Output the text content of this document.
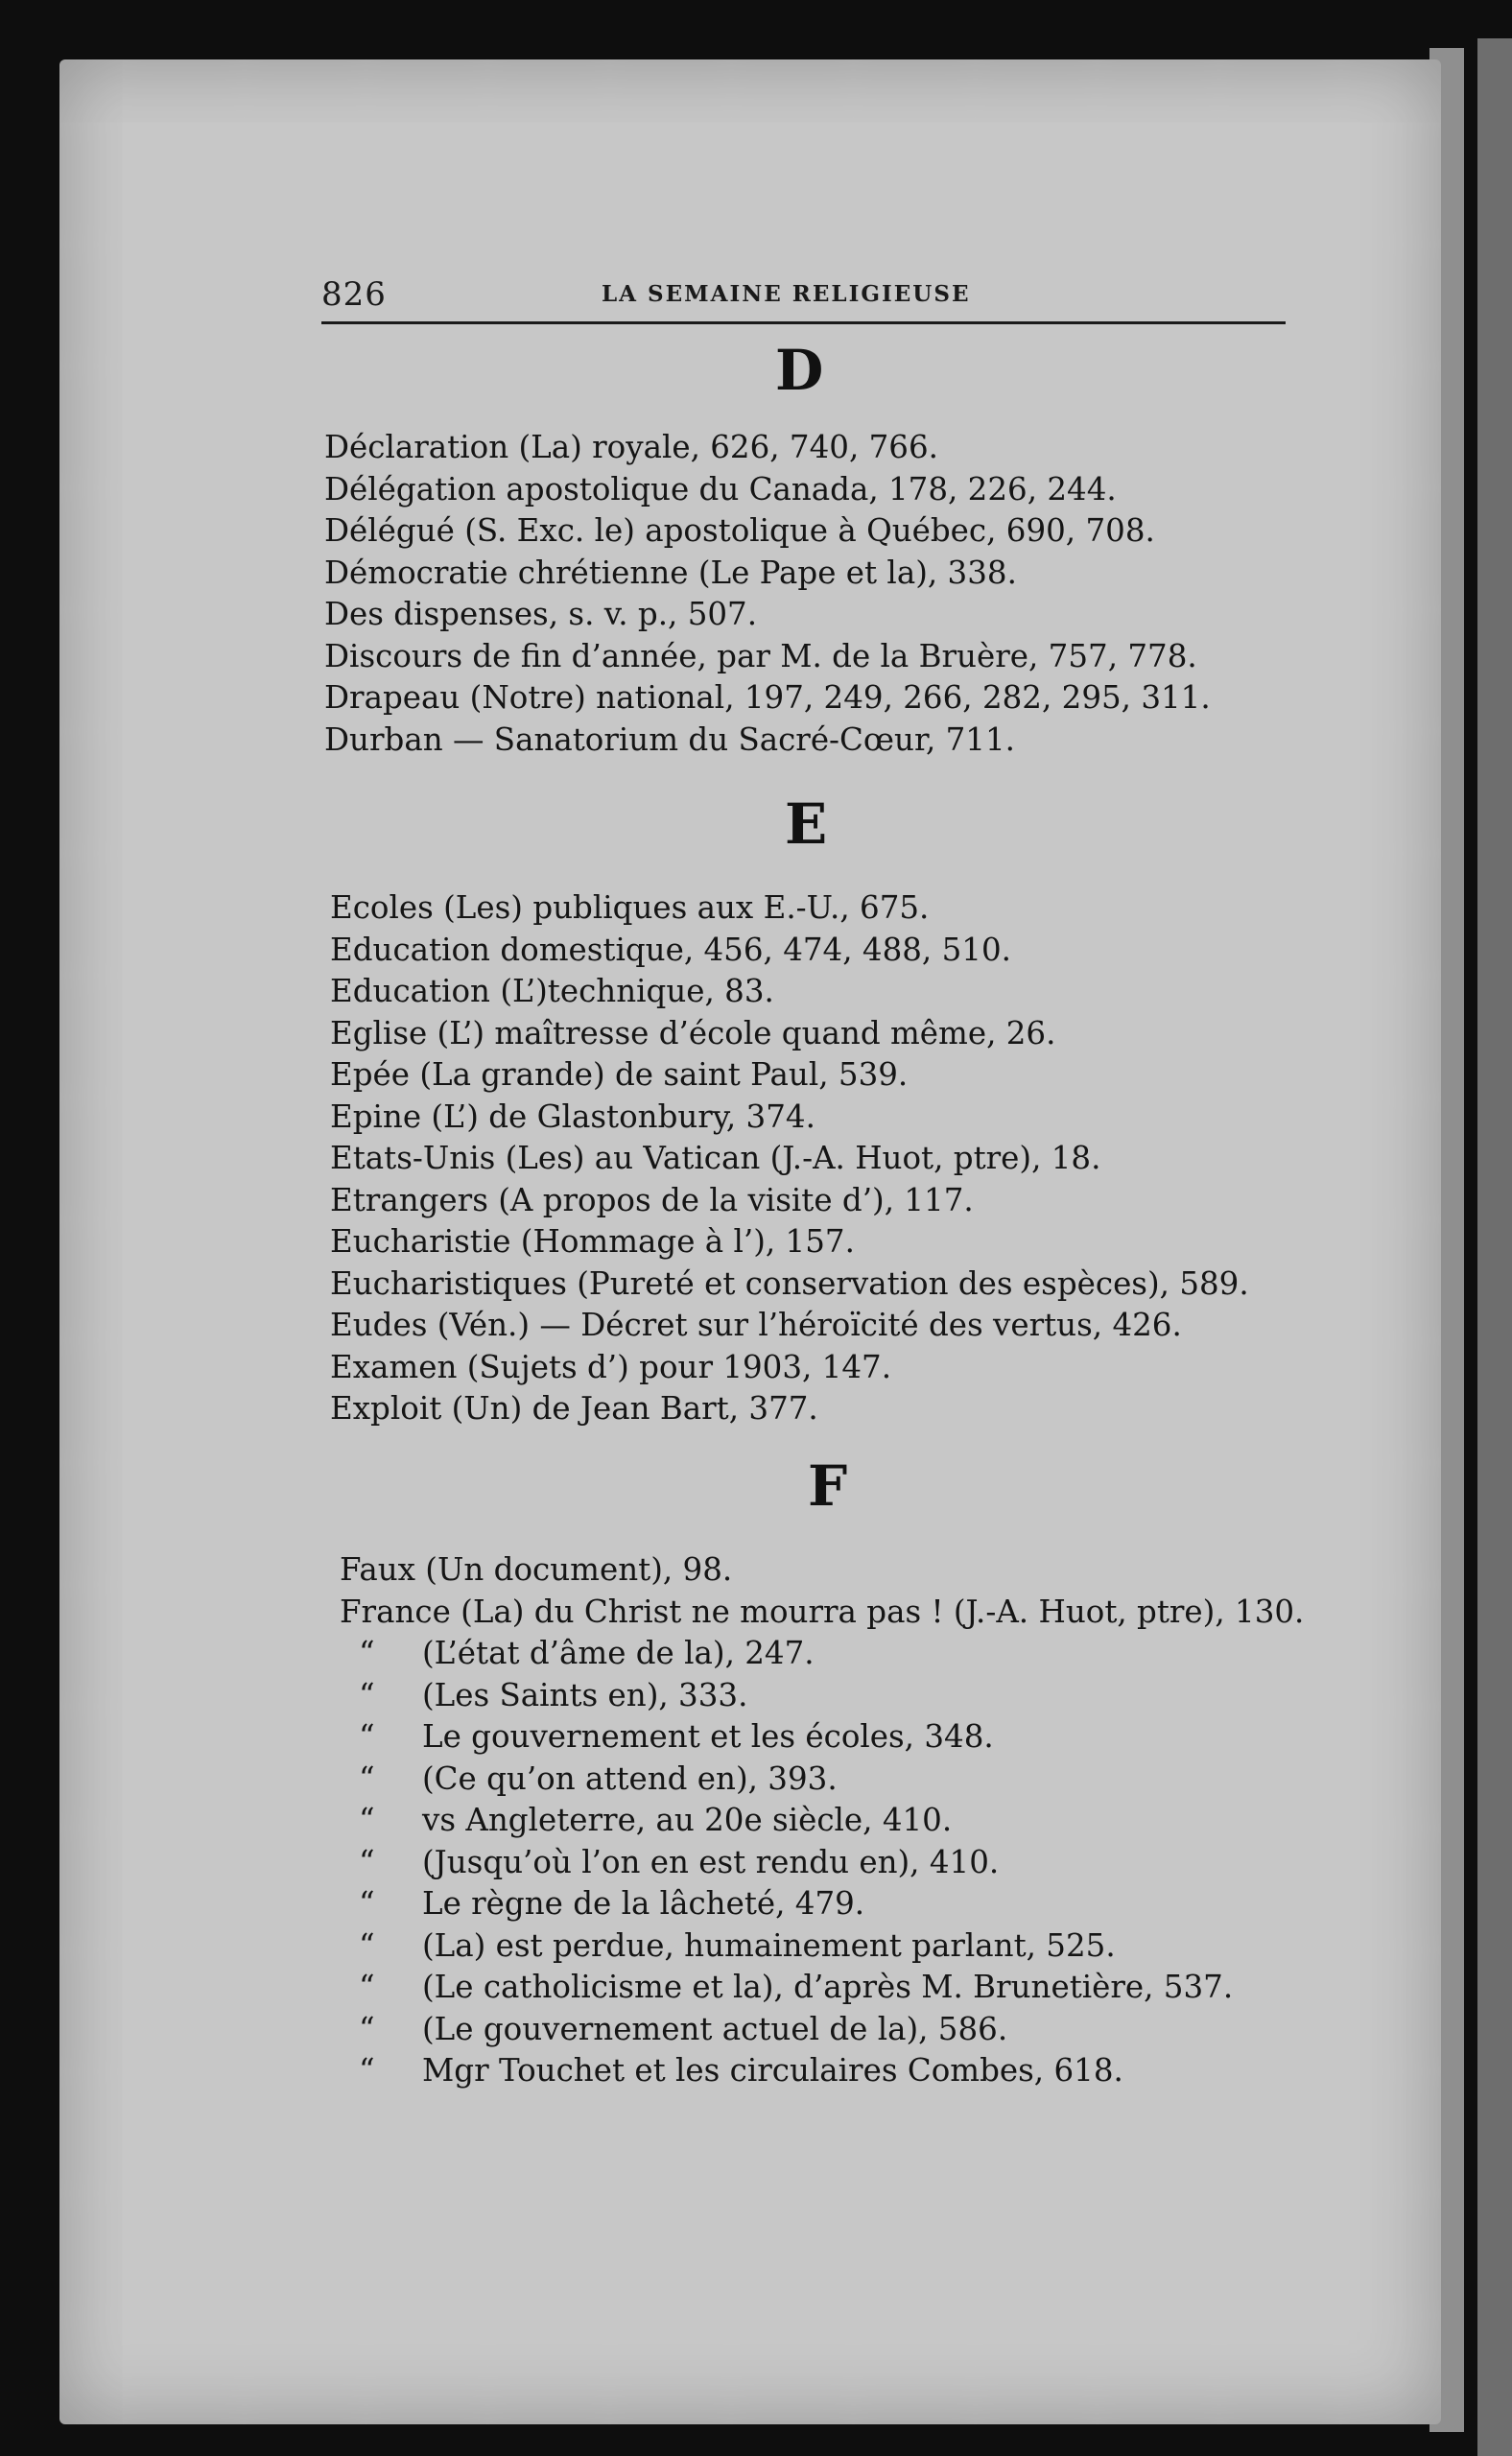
826	LA SEMAINE RELIGIEUSE
D
Déclaration (La) royale, 626, 740, 766.
Délégation apostolique du Canada, 178, 226, 244.
Délégué (S. Exc. le) apostolique à Québec, 690, 708.
Démocratie chrétienne (Le Pape et la), 338.
Des dispenses, s. v. p., 507.
Discours de fin d’année, par M. de la Bruère, 757, 778.
Drapeau (Notre) national, 197, 249, 266, 282, 295, 311.
Durban — Sanatorium du Sacré-Cœur, 711.
E
Ecoles (Les) publiques aux E.-U., 675.
Education domestique, 456, 474, 488, 510.
Education (L’)technique, 83.
Eglise (L’) maîtresse d’école quand même, 26.
Epée (La grande) de saint Paul, 539.
Epine (L’) de Glastonbury, 374.
Etats-Unis (Les) au Vatican (J.-A. Huot, ptre), 18.
Etrangers (A propos de la visite d’), 117.
Eucharistie (Hommage à l’), 157.
Eucharistiques (Pureté et conservation des espèces), 589.
Eudes (Vén.) — Décret sur l’héroïcité des vertus, 426.
Examen (Sujets d’) pour 1903, 147.
Exploit (Un) de Jean Bart, 377.
F
Faux (Un document), 98.
France (La) du Christ ne mourra pas ! (J.-A. Huot, ptre), 130.
“ (L’état d’âme de la), 247.
“ (Les Saints en), 333.
“ Le gouvernement et les écoles, 348.
“ (Ce qu’on attend en), 393.
“ vs Angleterre, au 20e siècle, 410.
“ (Jusqu’où l’on en est rendu en), 410.
“ Le règne de la lâcheté, 479.
“ (La) est perdue, humainement parlant, 525.
“ (Le catholicisme et la), d’après M. Brunetière, 537.
“ (Le gouvernement actuel de la), 586.
“ Mgr Touchet et les circulaires Combes, 618.
